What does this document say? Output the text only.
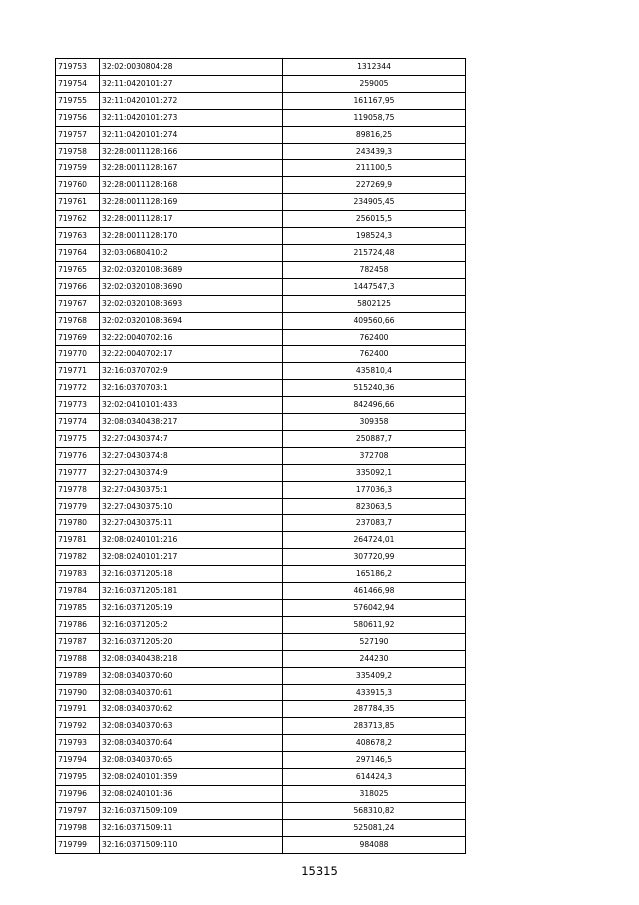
719753	32:02:0030804:28	1312344
719754	32:11:0420101:27	259005
719755	32:11:0420101:272	161167,95
719756	32:11:0420101:273	119058,75
719757	32:11:0420101:274	89816,25
719758	32:28:0011128:166	243439,3
719759	32:28:0011128:167	211100,5
719760	32:28:0011128:168	227269,9
719761	32:28:0011128:169	234905,45
719762	32:28:0011128:17	256015,5
719763	32:28:0011128:170	198524,3
719764	32:03:0680410:2	215724,48
719765	32:02:0320108:3689	782458
719766	32:02:0320108:3690	1447547,3
719767	32:02:0320108:3693	5802125
719768	32:02:0320108:3694	409560,66
719769	32:22:0040702:16	762400
719770	32:22:0040702:17	762400
719771	32:16:0370702:9	435810,4
719772	32:16:0370703:1	515240,36
719773	32:02:0410101:433	842496,66
719774	32:08:0340438:217	309358
719775	32:27:0430374:7	250887,7
719776	32:27:0430374:8	372708
719777	32:27:0430374:9	335092,1
719778	32:27:0430375:1	177036,3
719779	32:27:0430375:10	823063,5
719780	32:27:0430375:11	237083,7
719781	32:08:0240101:216	264724,01
719782	32:08:0240101:217	307720,99
719783	32:16:0371205:18	165186,2
719784	32:16:0371205:181	461466,98
719785	32:16:0371205:19	576042,94
719786	32:16:0371205:2	580611,92
719787	32:16:0371205:20	527190
719788	32:08:0340438:218	244230
719789	32:08:0340370:60	335409,2
719790	32:08:0340370:61	433915,3
719791	32:08:0340370:62	287784,35
719792	32:08:0340370:63	283713,85
719793	32:08:0340370:64	408678,2
719794	32:08:0340370:65	297146,5
719795	32:08:0240101:359	614424,3
719796	32:08:0240101:36	318025
719797	32:16:0371509:109	568310,82
719798	32:16:0371509:11	525081,24
719799	32:16:0371509:110	984088
15315
